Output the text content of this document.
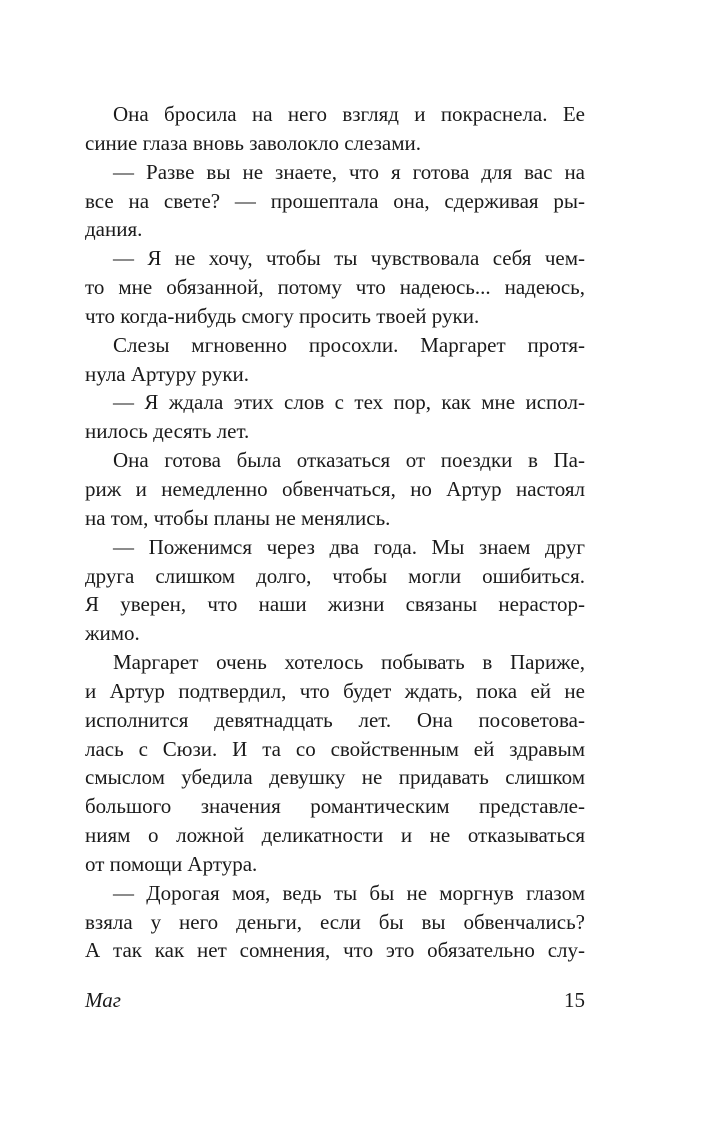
Она бросила на него взгляд и покраснела. Ее
синие глаза вновь заволокло слезами.
— Разве вы не знаете, что я готова для вас на
все на свете? — прошептала она, сдерживая ры-
дания.
— Я не хочу, чтобы ты чувствовала себя чем-
то мне обязанной, потому что надеюсь... надеюсь,
что когда-нибудь смогу просить твоей руки.
Слезы мгновенно просохли. Маргарет протя-
нула Артуру руки.
— Я ждала этих слов с тех пор, как мне испол-
нилось десять лет.
Она готова была отказаться от поездки в Па-
риж и немедленно обвенчаться, но Артур настоял
на том, чтобы планы не менялись.
— Поженимся через два года. Мы знаем друг
друга слишком долго, чтобы могли ошибиться.
Я уверен, что наши жизни связаны нерастор-
жимо.
Маргарет очень хотелось побывать в Париже,
и Артур подтвердил, что будет ждать, пока ей не
исполнится девятнадцать лет. Она посоветова-
лась с Сюзи. И та со свойственным ей здравым
смыслом убедила девушку не придавать слишком
большого значения романтическим представле-
ниям о ложной деликатности и не отказываться
от помощи Артура.
— Дорогая моя, ведь ты бы не моргнув глазом
взяла у него деньги, если бы вы обвенчались?
А так как нет сомнения, что это обязательно слу-
Маг	15
